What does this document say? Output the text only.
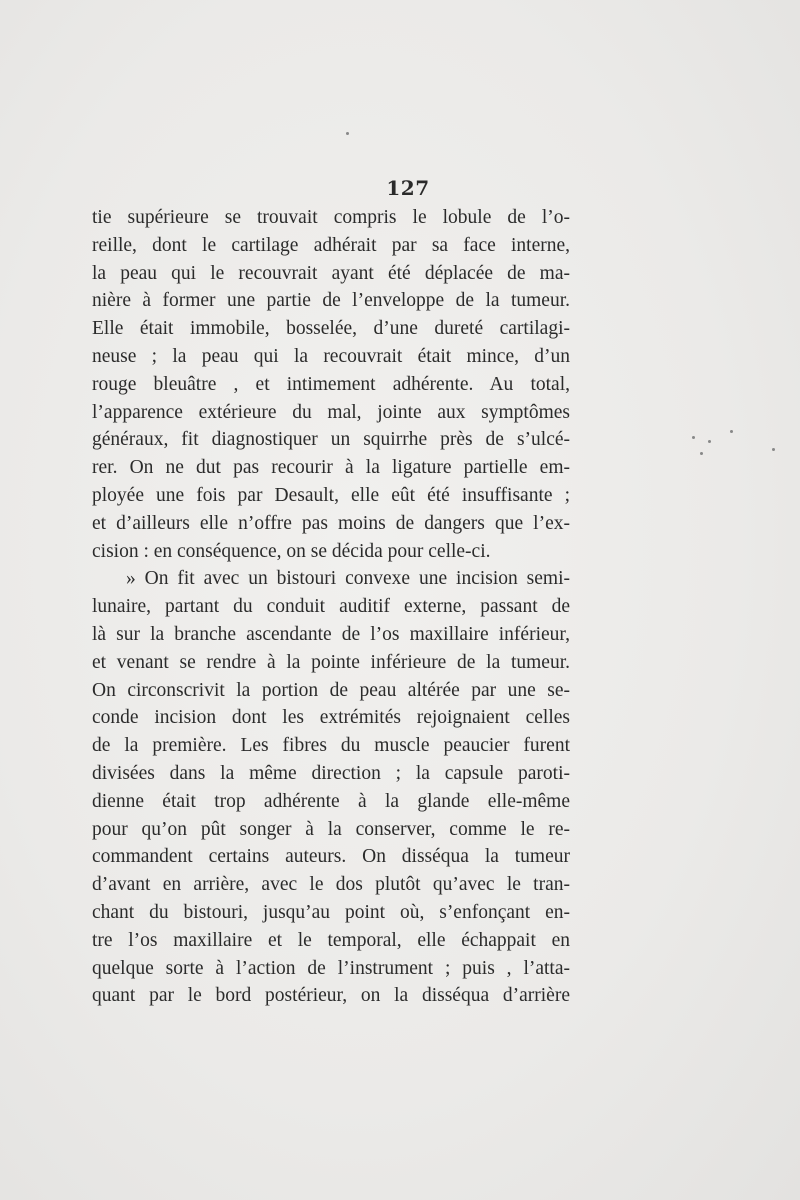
127
tie supérieure se trouvait compris le lobule de l’o-
reille, dont le cartilage adhérait par sa face interne,
la peau qui le recouvrait ayant été déplacée de ma-
nière à former une partie de l’enveloppe de la tumeur.
Elle était immobile, bosselée, d’une dureté cartilagi-
neuse ; la peau qui la recouvrait était mince, d’un
rouge bleuâtre , et intimement adhérente. Au total,
l’apparence extérieure du mal, jointe aux symptômes
généraux, fit diagnostiquer un squirrhe près de s’ulcé-
rer. On ne dut pas recourir à la ligature partielle em-
ployée une fois par Desault, elle eût été insuffisante ;
et d’ailleurs elle n’offre pas moins de dangers que l’ex-
cision : en conséquence, on se décida pour celle-ci.
» On fit avec un bistouri convexe une incision semi-
lunaire, partant du conduit auditif externe, passant de
là sur la branche ascendante de l’os maxillaire inférieur,
et venant se rendre à la pointe inférieure de la tumeur.
On circonscrivit la portion de peau altérée par une se-
conde incision dont les extrémités rejoignaient celles
de la première. Les fibres du muscle peaucier furent
divisées dans la même direction ; la capsule paroti-
dienne était trop adhérente à la glande elle-même
pour qu’on pût songer à la conserver, comme le re-
commandent certains auteurs. On disséqua la tumeur
d’avant en arrière, avec le dos plutôt qu’avec le tran-
chant du bistouri, jusqu’au point où, s’enfonçant en-
tre l’os maxillaire et le temporal, elle échappait en
quelque sorte à l’action de l’instrument ; puis , l’atta-
quant par le bord postérieur, on la disséqua d’arrière
